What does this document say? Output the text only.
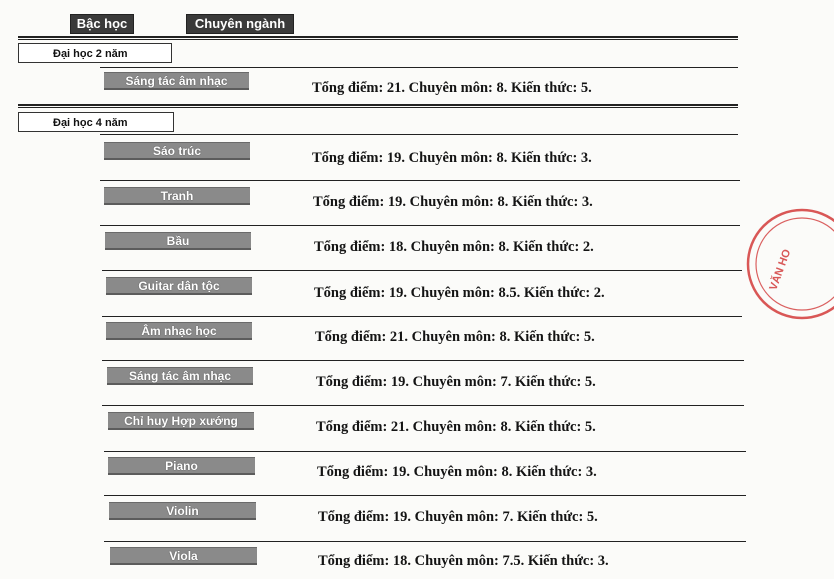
Bậc học	Chuyên ngành
Đại học 2 năm
Sáng tác âm nhạc	Tổng điểm: 21. Chuyên môn: 8. Kiến thức: 5.
Đại học 4 năm
Sáo trúc	Tổng điểm: 19. Chuyên môn: 8. Kiến thức: 3.
Tranh	Tổng điểm: 19. Chuyên môn: 8. Kiến thức: 3.
Bầu	Tổng điểm: 18. Chuyên môn: 8. Kiến thức: 2.
Guitar dân tộc	Tổng điểm: 19. Chuyên môn: 8.5. Kiến thức: 2.
Âm nhạc học	Tổng điểm: 21. Chuyên môn: 8. Kiến thức: 5.
Sáng tác âm nhạc	Tổng điểm: 19. Chuyên môn: 7. Kiến thức: 5.
Chỉ huy Hợp xướng	Tổng điểm: 21. Chuyên môn: 8. Kiến thức: 5.
Piano	Tổng điểm: 19. Chuyên môn: 8. Kiến thức: 3.
Violin	Tổng điểm: 19. Chuyên môn: 7. Kiến thức: 5.
Viola	Tổng điểm: 18. Chuyên môn: 7.5. Kiến thức: 3.
VĂN HO
